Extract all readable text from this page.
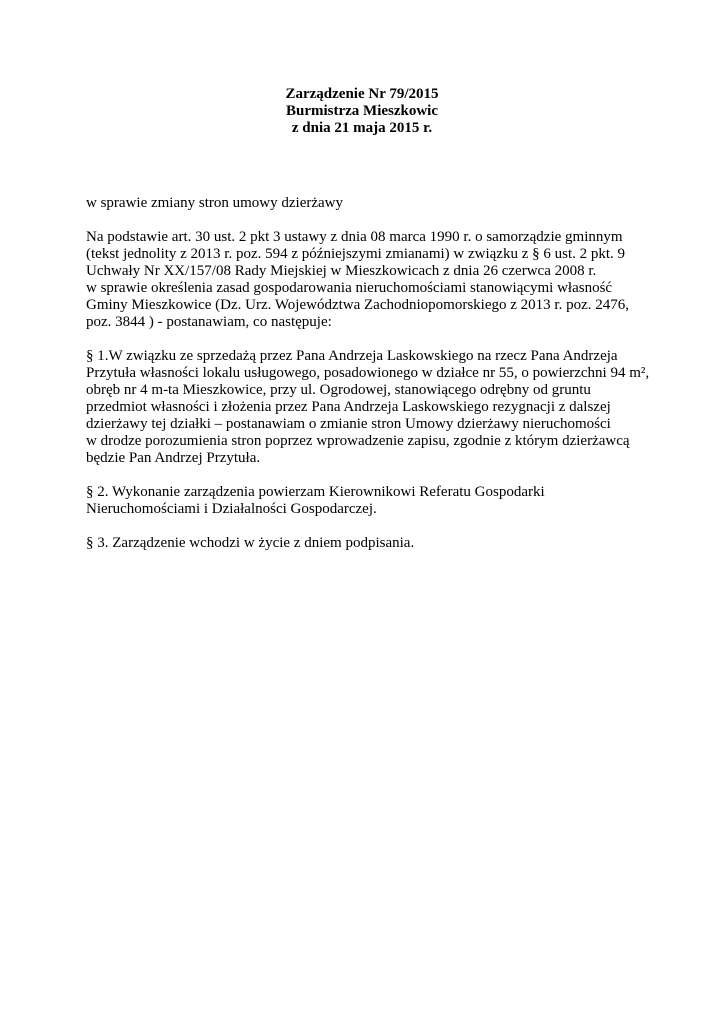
Zarządzenie Nr 79/2015
Burmistrza Mieszkowic
z dnia 21 maja 2015 r.

w sprawie zmiany stron umowy dzierżawy

Na podstawie art. 30 ust. 2 pkt 3 ustawy z dnia 08 marca 1990 r. o samorządzie gminnym
(tekst jednolity z 2013 r. poz. 594 z późniejszymi zmianami) w związku z § 6 ust. 2 pkt. 9
Uchwały Nr XX/157/08 Rady Miejskiej w Mieszkowicach z dnia 26 czerwca 2008 r.
w sprawie określenia zasad gospodarowania nieruchomościami stanowiącymi własność
Gminy Mieszkowice (Dz. Urz. Województwa Zachodniopomorskiego z 2013 r. poz. 2476,
poz. 3844 ) - postanawiam, co następuje:
§ 1.W związku ze sprzedażą przez Pana Andrzeja Laskowskiego na rzecz Pana Andrzeja
Przytuła własności lokalu usługowego, posadowionego w działce nr 55, o powierzchni 94 m²,
obręb nr 4 m-ta Mieszkowice, przy ul. Ogrodowej, stanowiącego odrębny od gruntu
przedmiot własności i złożenia przez Pana Andrzeja Laskowskiego rezygnacji z dalszej
dzierżawy tej działki – postanawiam o zmianie stron Umowy dzierżawy nieruchomości
w drodze porozumienia stron poprzez wprowadzenie zapisu, zgodnie z którym dzierżawcą
będzie Pan Andrzej Przytuła.
§ 2. Wykonanie zarządzenia powierzam Kierownikowi Referatu Gospodarki
Nieruchomościami i Działalności Gospodarczej.
§ 3. Zarządzenie wchodzi w życie z dniem podpisania.
